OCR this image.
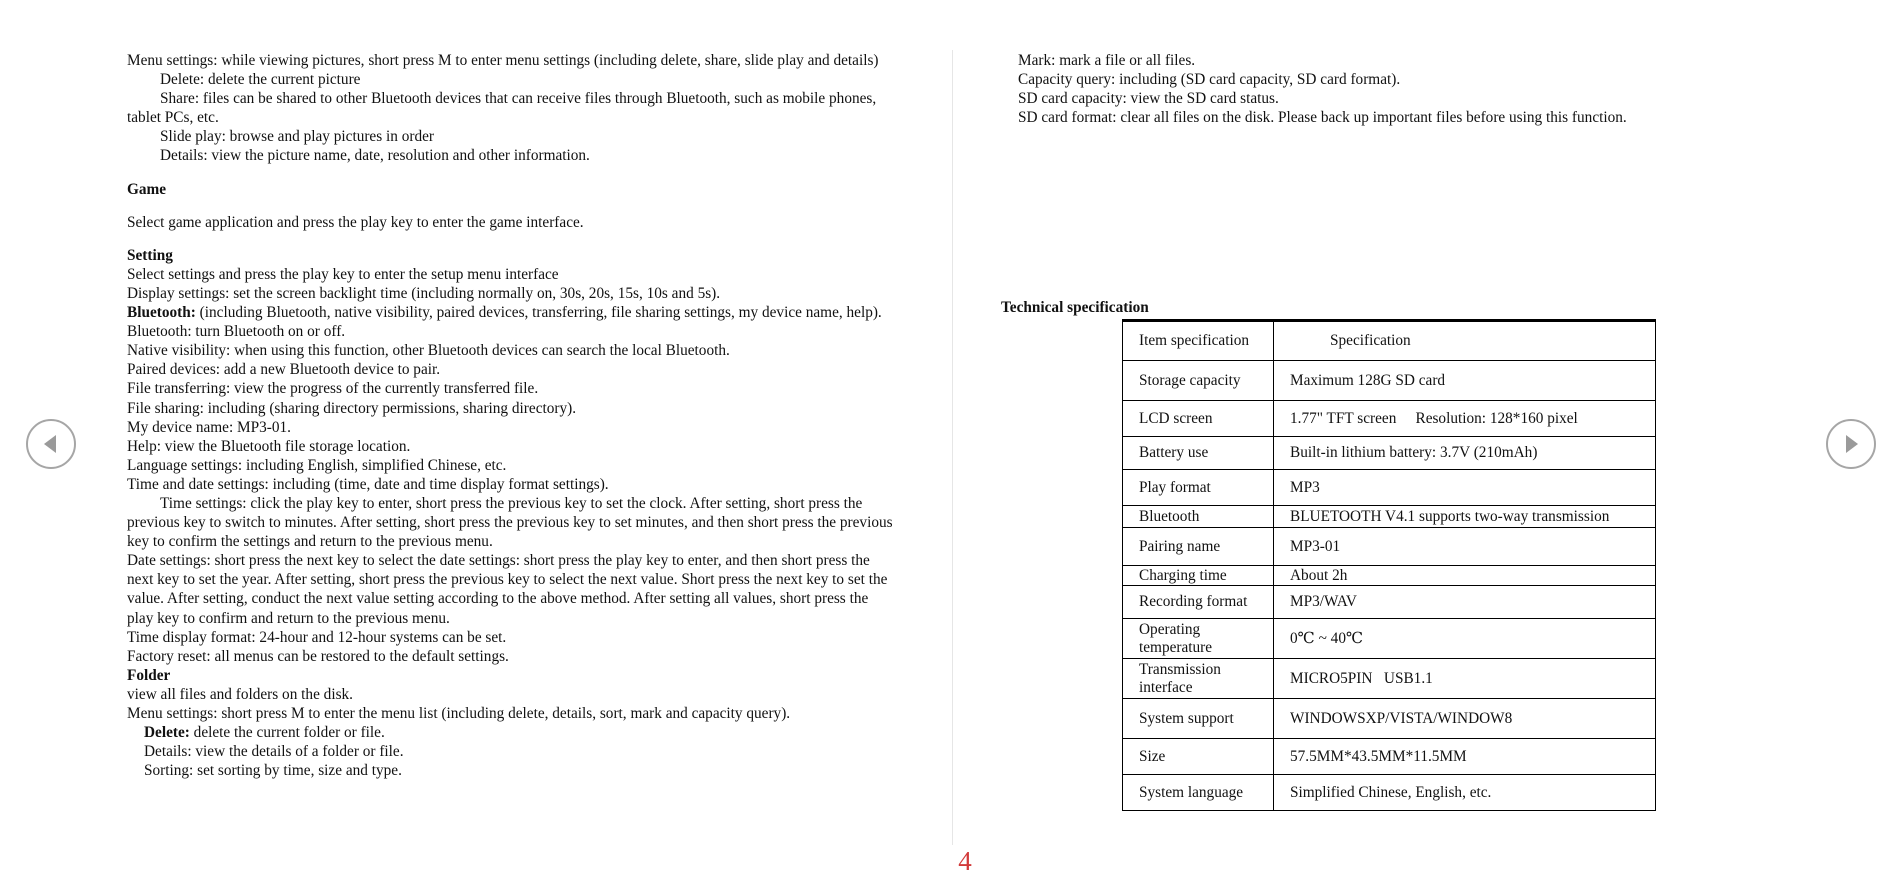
Menu settings: while viewing pictures, short press M to enter menu settings (including delete, share, slide play and details)

Delete: delete the current picture

Share: files can be shared to other Bluetooth devices that can receive files through Bluetooth, such as mobile phones, tablet PCs, etc.

Slide play: browse and play pictures in order

Details: view the picture name, date, resolution and other information.

Game

Select game application and press the play key to enter the game interface.

Setting

Select settings and press the play key to enter the setup menu interface

Display settings: set the screen backlight time (including normally on, 30s, 20s, 15s, 10s and 5s).

Bluetooth: (including Bluetooth, native visibility, paired devices, transferring, file sharing settings, my device name, help).

Bluetooth: turn Bluetooth on or off.

Native visibility: when using this function, other Bluetooth devices can search the local Bluetooth.

Paired devices: add a new Bluetooth device to pair.

File transferring: view the progress of the currently transferred file.

File sharing: including (sharing directory permissions, sharing directory).

My device name: MP3-01.

Help: view the Bluetooth file storage location.

Language settings: including English, simplified Chinese, etc.

Time and date settings: including (time, date and time display format settings).

Time settings: click the play key to enter, short press the previous key to set the clock. After setting, short press the previous key to switch to minutes. After setting, short press the previous key to set minutes, and then short press the previous key to confirm the settings and return to the previous menu.

Date settings: short press the next key to select the date settings: short press the play key to enter, and then short press the next key to set the year. After setting, short press the previous key to select the next value. Short press the next key to set the value. After setting, conduct the next value setting according to the above method. After setting all values, short press the play key to confirm and return to the previous menu.

Time display format: 24-hour and 12-hour systems can be set.

Factory reset: all menus can be restored to the default settings.

Folder

view all files and folders on the disk.

Menu settings: short press M to enter the menu list (including delete, details, sort, mark and capacity query).

Delete: delete the current folder or file.

Details: view the details of a folder or file.

Sorting: set sorting by time, size and type.

Mark: mark a file or all files.

Capacity query: including (SD card capacity, SD card format).

SD card capacity: view the SD card status.

SD card format: clear all files on the disk. Please back up important files before using this function.

Technical specification
Item specification	Specification
Storage capacity	Maximum 128G SD card
LCD screen	1.77" TFT screen     Resolution: 128*160 pixel
Battery use	Built-in lithium battery: 3.7V (210mAh)
Play format	MP3
Bluetooth	BLUETOOTH V4.1 supports two-way transmission
Pairing name	MP3-01
Charging time	About 2h
Recording format	MP3/WAV
Operating temperature	0℃ ~ 40℃
Transmission interface	MICRO5PIN   USB1.1
System support	WINDOWSXP/VISTA/WINDOW8
Size	57.5MM*43.5MM*11.5MM
System language	Simplified Chinese, English, etc.
4
